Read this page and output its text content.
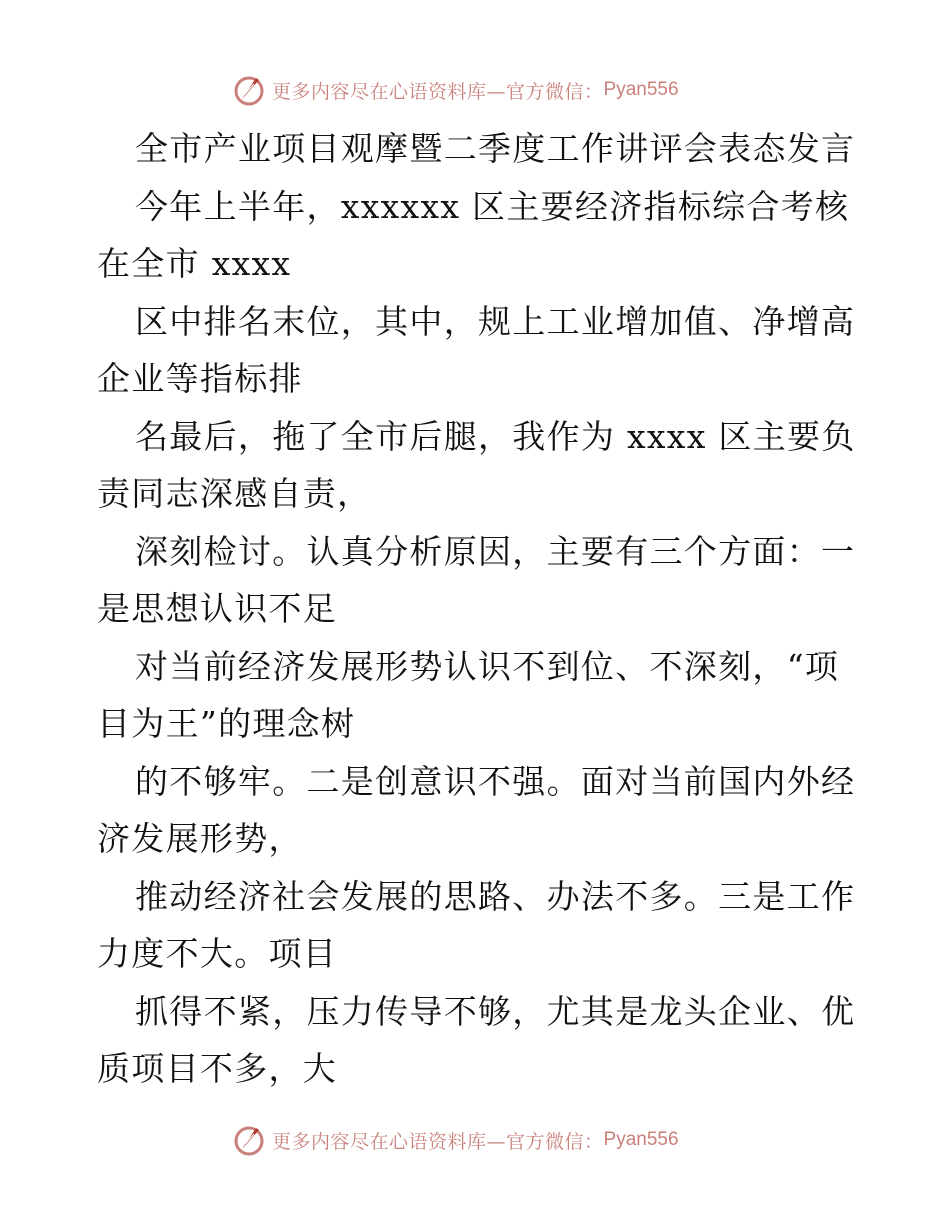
更多内容尽在心语资料库—官方微信： Pyan556
全市产业项目观摩暨二季度工作讲评会表态发言
今年上半年，xxxxxx 区主要经济指标综合考核
在全市 xxxx
区中排名末位，其中，规上工业增加值、净增高
企业等指标排
名最后，拖了全市后腿，我作为 xxxx 区主要负
责同志深感自责，
深刻检讨。认真分析原因，主要有三个方面：一
是思想认识不足
对当前经济发展形势认识不到位、不深刻，“项
目为王”的理念树
的不够牢。二是创意识不强。面对当前国内外经
济发展形势，
推动经济社会发展的思路、办法不多。三是工作
力度不大。项目
抓得不紧，压力传导不够，尤其是龙头企业、优
质项目不多，大
更多内容尽在心语资料库—官方微信： Pyan556
